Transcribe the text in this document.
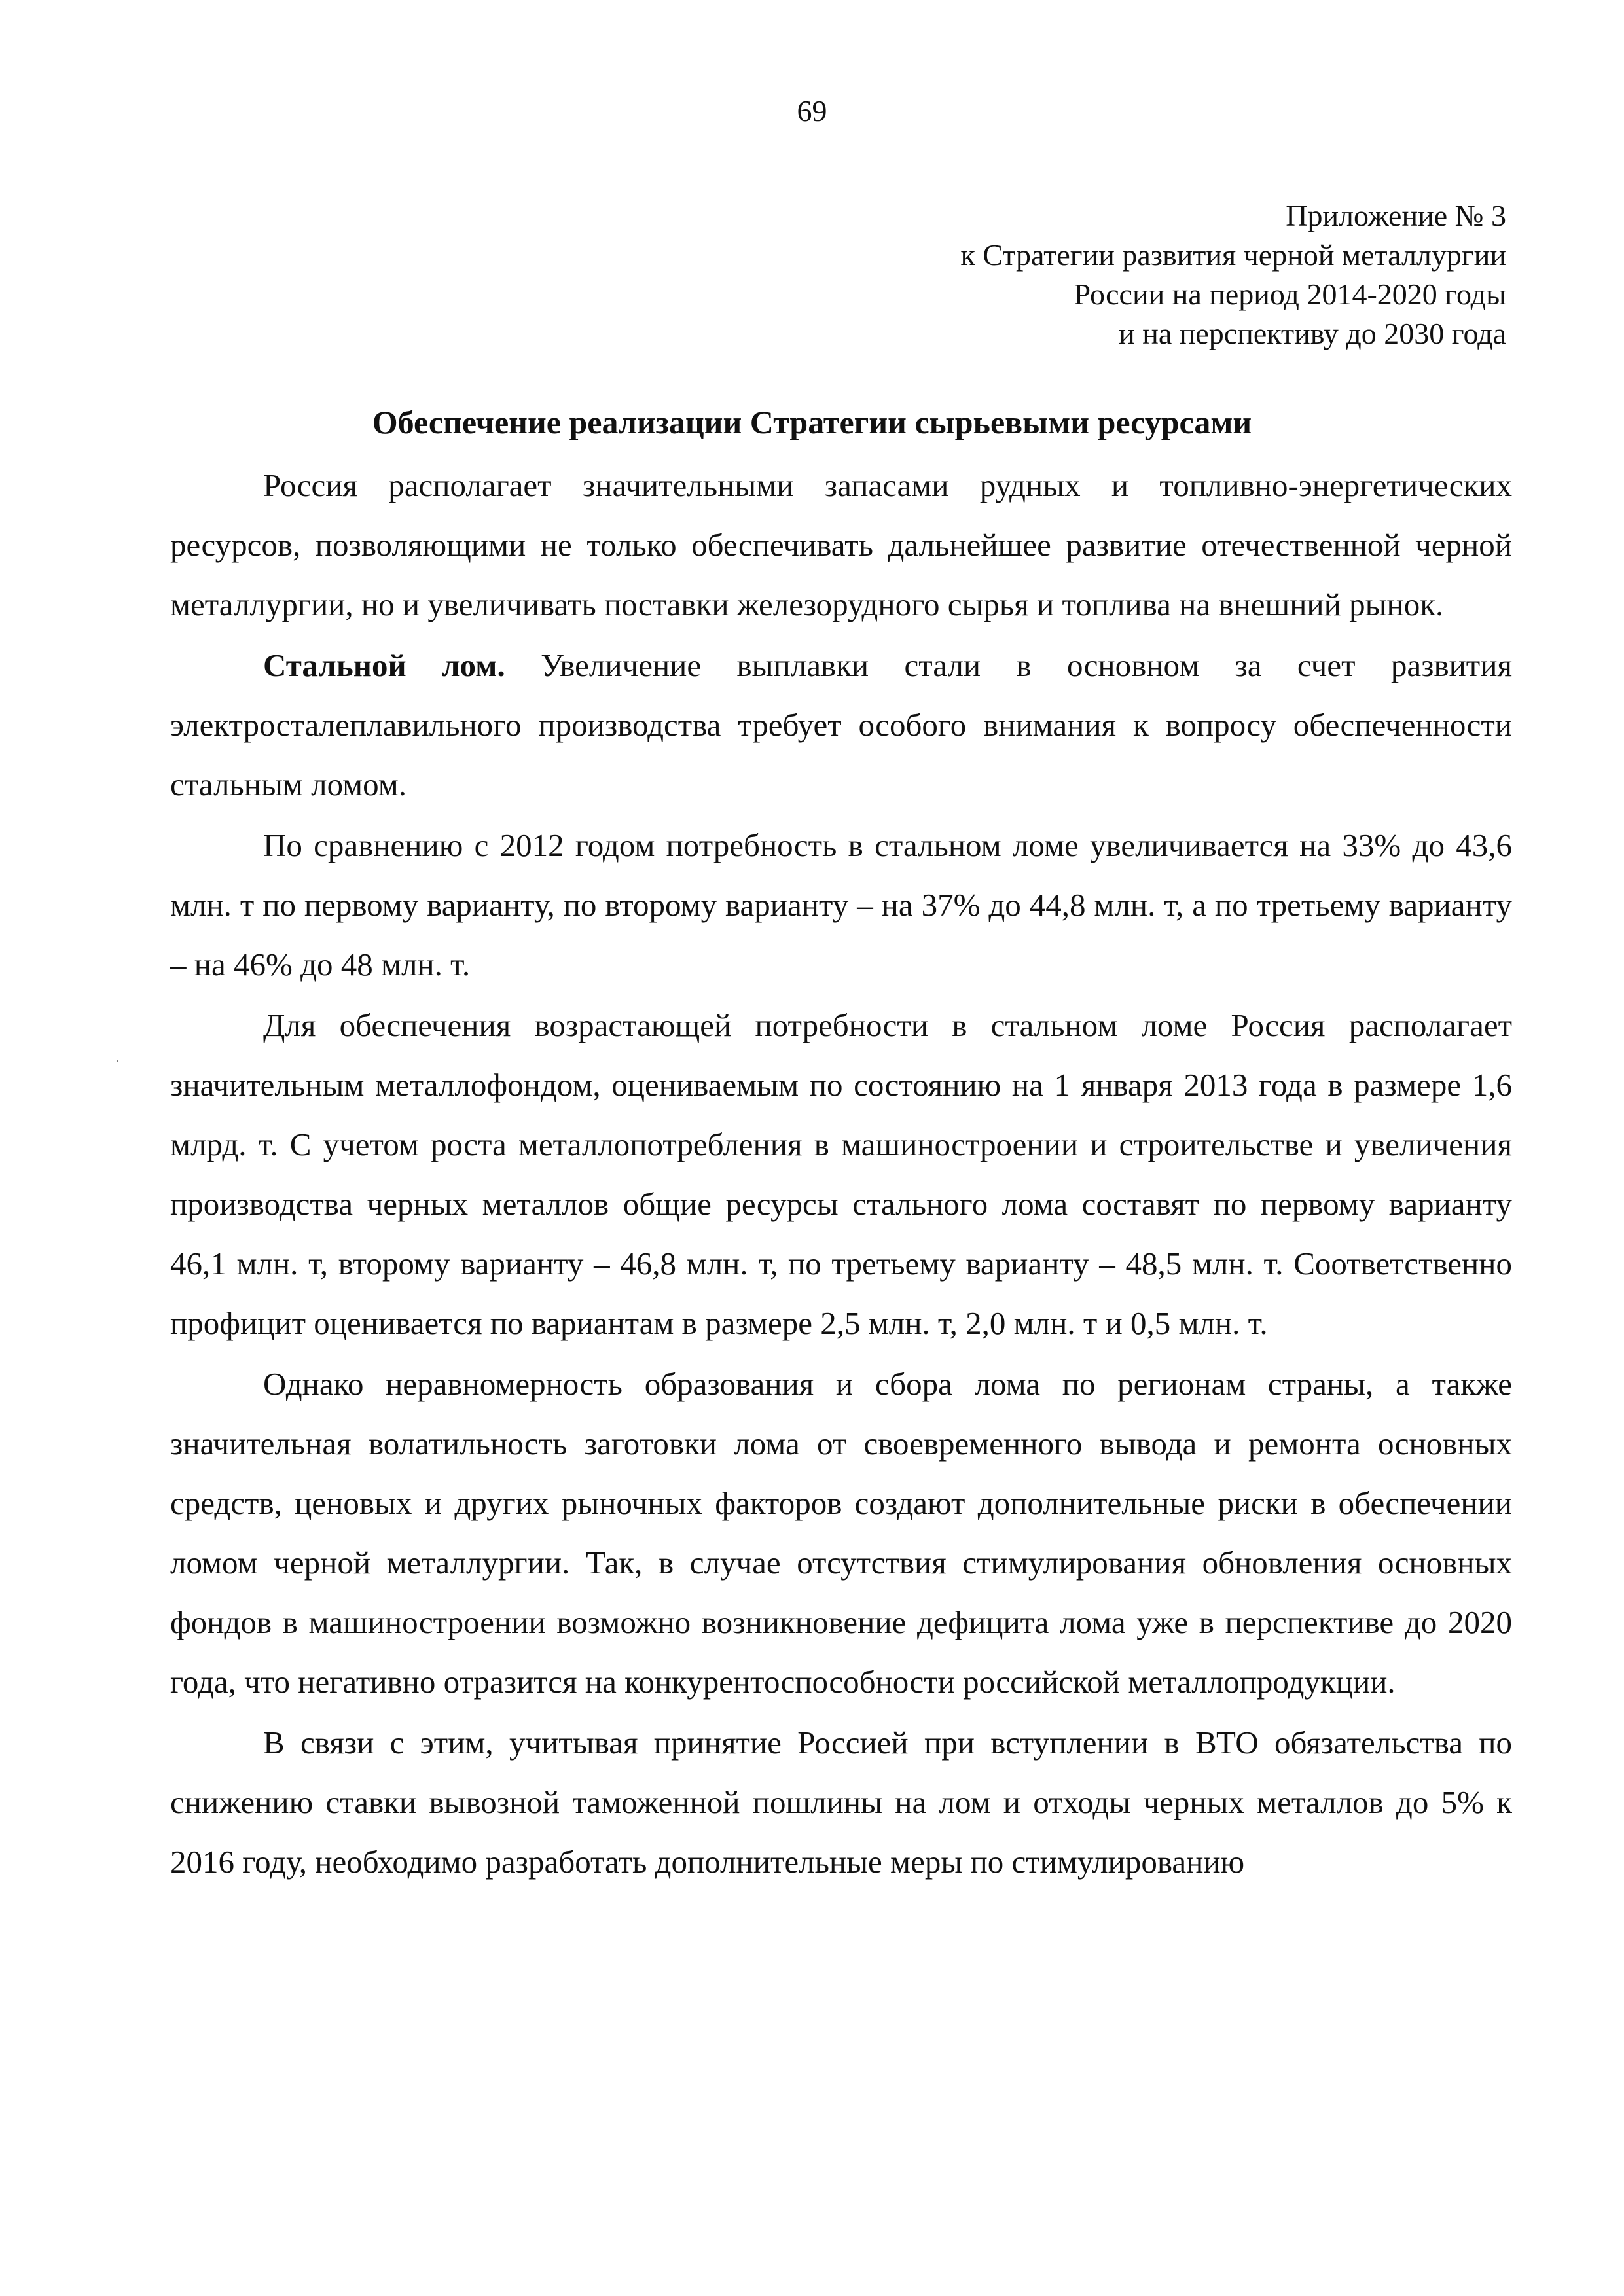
69
Приложение № 3
к Стратегии развития черной металлургии
России на период 2014-2020 годы
и на перспективу до 2030 года
Обеспечение реализации Стратегии сырьевыми ресурсами

Россия располагает значительными запасами рудных и топливно-энергетических ресурсов, позволяющими не только обеспечивать дальнейшее развитие отечественной черной металлургии, но и увеличивать поставки железорудного сырья и топлива на внешний рынок.

Стальной лом. Увеличение выплавки стали в основном за счет развития электросталеплавильного производства требует особого внимания к вопросу обеспеченности стальным ломом.

По сравнению с 2012 годом потребность в стальном ломе увеличивается на 33% до 43,6 млн. т по первому варианту, по второму варианту – на 37% до 44,8 млн. т, а по третьему варианту – на 46% до 48 млн. т.

Для обеспечения возрастающей потребности в стальном ломе Россия располагает значительным металлофондом, оцениваемым по состоянию на 1 января 2013 года в размере 1,6 млрд. т. С учетом роста металлопотребления в машиностроении и строительстве и увеличения производства черных металлов общие ресурсы стального лома составят по первому варианту 46,1 млн. т, второму варианту – 46,8 млн. т, по третьему варианту – 48,5 млн. т. Соответственно профицит оценивается по вариантам в размере 2,5 млн. т, 2,0 млн. т и 0,5 млн. т.

Однако неравномерность образования и сбора лома по регионам страны, а также значительная волатильность заготовки лома от своевременного вывода и ремонта основных средств, ценовых и других рыночных факторов создают дополнительные риски в обеспечении ломом черной металлургии. Так, в случае отсутствия стимулирования обновления основных фондов в машиностроении возможно возникновение дефицита лома уже в перспективе до 2020 года, что негативно отразится на конкурентоспособности российской металлопродукции.

В связи с этим, учитывая принятие Россией при вступлении в ВТО обязательства по снижению ставки вывозной таможенной пошлины на лом и отходы черных металлов до 5% к 2016 году, необходимо разработать дополнительные меры по стимулированию
